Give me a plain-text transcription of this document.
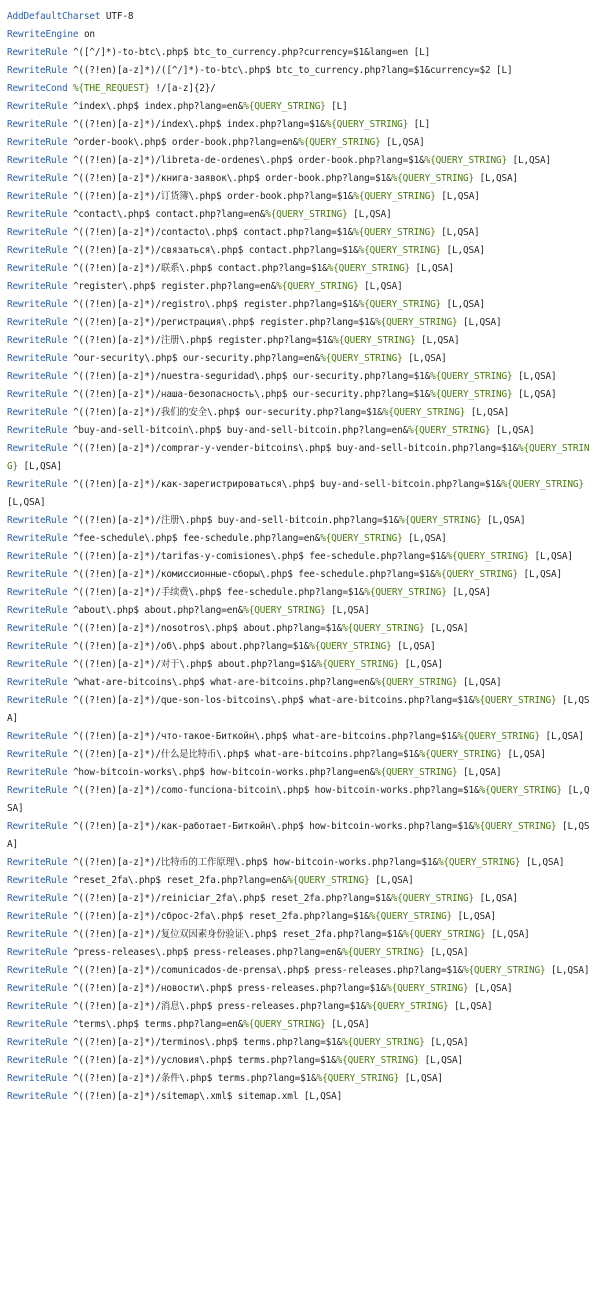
AddDefaultCharset UTF-8
RewriteEngine on
RewriteRule ^([^/]*)-to-btc\.php$ btc_to_currency.php?currency=$1&lang=en [L]
RewriteRule ^((?!en)[a-z]*)/([^/]*)-to-btc\.php$ btc_to_currency.php?lang=$1&currency=$2 [L]
RewriteCond %{THE_REQUEST} !/[a-z]{2}/
RewriteRule ^index\.php$ index.php?lang=en&%{QUERY_STRING} [L]
RewriteRule ^((?!en)[a-z]*)/index\.php$ index.php?lang=$1&%{QUERY_STRING} [L]
RewriteRule ^order-book\.php$ order-book.php?lang=en&%{QUERY_STRING} [L,QSA]
RewriteRule ^((?!en)[a-z]*)/libreta-de-ordenes\.php$ order-book.php?lang=$1&%{QUERY_STRING} [L,QSA]
RewriteRule ^((?!en)[a-z]*)/книга-заявок\.php$ order-book.php?lang=$1&%{QUERY_STRING} [L,QSA]
RewriteRule ^((?!en)[a-z]*)/订货簿\.php$ order-book.php?lang=$1&%{QUERY_STRING} [L,QSA]
RewriteRule ^contact\.php$ contact.php?lang=en&%{QUERY_STRING} [L,QSA]
RewriteRule ^((?!en)[a-z]*)/contacto\.php$ contact.php?lang=$1&%{QUERY_STRING} [L,QSA]
RewriteRule ^((?!en)[a-z]*)/связаться\.php$ contact.php?lang=$1&%{QUERY_STRING} [L,QSA]
RewriteRule ^((?!en)[a-z]*)/联系\.php$ contact.php?lang=$1&%{QUERY_STRING} [L,QSA]
RewriteRule ^register\.php$ register.php?lang=en&%{QUERY_STRING} [L,QSA]
RewriteRule ^((?!en)[a-z]*)/registro\.php$ register.php?lang=$1&%{QUERY_STRING} [L,QSA]
RewriteRule ^((?!en)[a-z]*)/регистрация\.php$ register.php?lang=$1&%{QUERY_STRING} [L,QSA]
RewriteRule ^((?!en)[a-z]*)/注册\.php$ register.php?lang=$1&%{QUERY_STRING} [L,QSA]
RewriteRule ^our-security\.php$ our-security.php?lang=en&%{QUERY_STRING} [L,QSA]
RewriteRule ^((?!en)[a-z]*)/nuestra-seguridad\.php$ our-security.php?lang=$1&%{QUERY_STRING} [L,QSA]
RewriteRule ^((?!en)[a-z]*)/наша-безопасность\.php$ our-security.php?lang=$1&%{QUERY_STRING} [L,QSA]
RewriteRule ^((?!en)[a-z]*)/我们的安全\.php$ our-security.php?lang=$1&%{QUERY_STRING} [L,QSA]
RewriteRule ^buy-and-sell-bitcoin\.php$ buy-and-sell-bitcoin.php?lang=en&%{QUERY_STRING} [L,QSA]
RewriteRule ^((?!en)[a-z]*)/comprar-y-vender-bitcoins\.php$ buy-and-sell-bitcoin.php?lang=$1&%{QUERY_STRING} [L,QSA]
RewriteRule ^((?!en)[a-z]*)/как-зарегистрироваться\.php$ buy-and-sell-bitcoin.php?lang=$1&%{QUERY_STRING} [L,QSA]
RewriteRule ^((?!en)[a-z]*)/注册\.php$ buy-and-sell-bitcoin.php?lang=$1&%{QUERY_STRING} [L,QSA]
RewriteRule ^fee-schedule\.php$ fee-schedule.php?lang=en&%{QUERY_STRING} [L,QSA]
RewriteRule ^((?!en)[a-z]*)/tarifas-y-comisiones\.php$ fee-schedule.php?lang=$1&%{QUERY_STRING} [L,QSA]
RewriteRule ^((?!en)[a-z]*)/комиссионные-сборы\.php$ fee-schedule.php?lang=$1&%{QUERY_STRING} [L,QSA]
RewriteRule ^((?!en)[a-z]*)/手续费\.php$ fee-schedule.php?lang=$1&%{QUERY_STRING} [L,QSA]
RewriteRule ^about\.php$ about.php?lang=en&%{QUERY_STRING} [L,QSA]
RewriteRule ^((?!en)[a-z]*)/nosotros\.php$ about.php?lang=$1&%{QUERY_STRING} [L,QSA]
RewriteRule ^((?!en)[a-z]*)/об\.php$ about.php?lang=$1&%{QUERY_STRING} [L,QSA]
RewriteRule ^((?!en)[a-z]*)/对于\.php$ about.php?lang=$1&%{QUERY_STRING} [L,QSA]
RewriteRule ^what-are-bitcoins\.php$ what-are-bitcoins.php?lang=en&%{QUERY_STRING} [L,QSA]
RewriteRule ^((?!en)[a-z]*)/que-son-los-bitcoins\.php$ what-are-bitcoins.php?lang=$1&%{QUERY_STRING} [L,QSA]
RewriteRule ^((?!en)[a-z]*)/что-такое-Биткойн\.php$ what-are-bitcoins.php?lang=$1&%{QUERY_STRING} [L,QSA]
RewriteRule ^((?!en)[a-z]*)/什么是比特币\.php$ what-are-bitcoins.php?lang=$1&%{QUERY_STRING} [L,QSA]
RewriteRule ^how-bitcoin-works\.php$ how-bitcoin-works.php?lang=en&%{QUERY_STRING} [L,QSA]
RewriteRule ^((?!en)[a-z]*)/como-funciona-bitcoin\.php$ how-bitcoin-works.php?lang=$1&%{QUERY_STRING} [L,QSA]
RewriteRule ^((?!en)[a-z]*)/как-работает-Биткойн\.php$ how-bitcoin-works.php?lang=$1&%{QUERY_STRING} [L,QSA]
RewriteRule ^((?!en)[a-z]*)/比特币的工作原理\.php$ how-bitcoin-works.php?lang=$1&%{QUERY_STRING} [L,QSA]
RewriteRule ^reset_2fa\.php$ reset_2fa.php?lang=en&%{QUERY_STRING} [L,QSA]
RewriteRule ^((?!en)[a-z]*)/reiniciar_2fa\.php$ reset_2fa.php?lang=$1&%{QUERY_STRING} [L,QSA]
RewriteRule ^((?!en)[a-z]*)/сброс-2fa\.php$ reset_2fa.php?lang=$1&%{QUERY_STRING} [L,QSA]
RewriteRule ^((?!en)[a-z]*)/复位双因素身份验证\.php$ reset_2fa.php?lang=$1&%{QUERY_STRING} [L,QSA]
RewriteRule ^press-releases\.php$ press-releases.php?lang=en&%{QUERY_STRING} [L,QSA]
RewriteRule ^((?!en)[a-z]*)/comunicados-de-prensa\.php$ press-releases.php?lang=$1&%{QUERY_STRING} [L,QSA]
RewriteRule ^((?!en)[a-z]*)/новости\.php$ press-releases.php?lang=$1&%{QUERY_STRING} [L,QSA]
RewriteRule ^((?!en)[a-z]*)/消息\.php$ press-releases.php?lang=$1&%{QUERY_STRING} [L,QSA]
RewriteRule ^terms\.php$ terms.php?lang=en&%{QUERY_STRING} [L,QSA]
RewriteRule ^((?!en)[a-z]*)/terminos\.php$ terms.php?lang=$1&%{QUERY_STRING} [L,QSA]
RewriteRule ^((?!en)[a-z]*)/условия\.php$ terms.php?lang=$1&%{QUERY_STRING} [L,QSA]
RewriteRule ^((?!en)[a-z]*)/条件\.php$ terms.php?lang=$1&%{QUERY_STRING} [L,QSA]
RewriteRule ^((?!en)[a-z]*)/sitemap\.xml$ sitemap.xml [L,QSA]
